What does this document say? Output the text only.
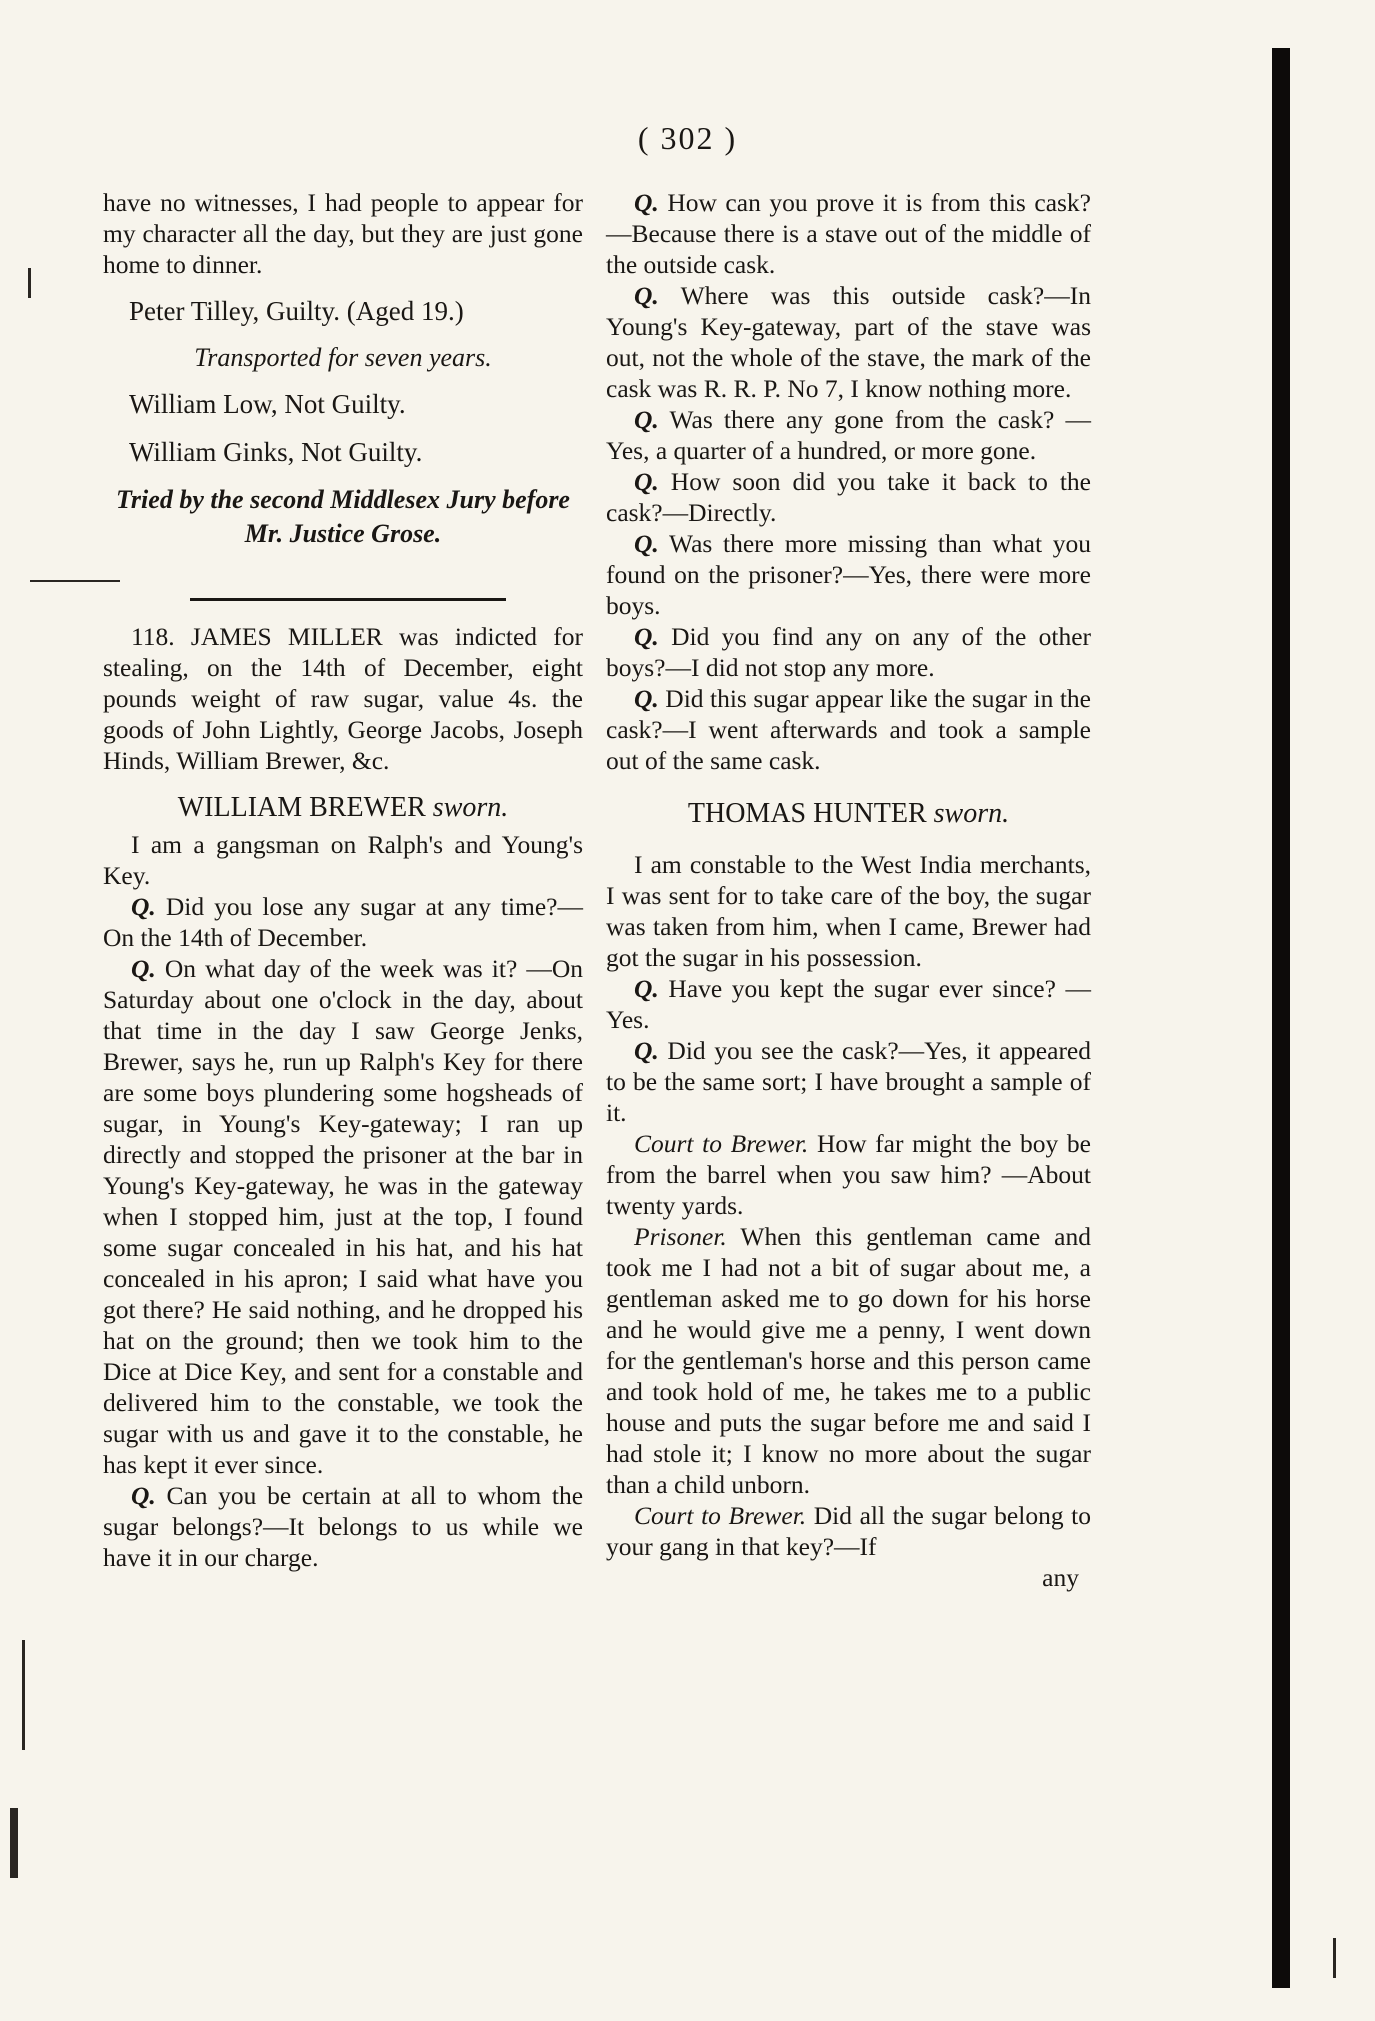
( 302 )

have no witnesses, I had people to appear for my character all the day, but they are just gone home to dinner.

Peter Tilley, Guilty. (Aged 19.)
Transported for seven years.
William Low, Not Guilty.
William Ginks, Not Guilty.
Tried by the second Middlesex Jury before
Mr. Justice Grose.

118. JAMES MILLER was indicted for stealing, on the 14th of December, eight pounds weight of raw sugar, value 4s. the goods of John Lightly, George Jacobs, Joseph Hinds, William Brewer, &c.

WILLIAM BREWER sworn.

I am a gangsman on Ralph's and Young's Key.

Q. Did you lose any sugar at any time?—On the 14th of December.

Q. On what day of the week was it? —On Saturday about one o'clock in the day, about that time in the day I saw George Jenks, Brewer, says he, run up Ralph's Key for there are some boys plundering some hogsheads of sugar, in Young's Key-gateway; I ran up directly and stopped the prisoner at the bar in Young's Key-gateway, he was in the gateway when I stopped him, just at the top, I found some sugar concealed in his hat, and his hat concealed in his apron; I said what have you got there? He said nothing, and he dropped his hat on the ground; then we took him to the Dice at Dice Key, and sent for a constable and delivered him to the constable, we took the sugar with us and gave it to the constable, he has kept it ever since.

Q. Can you be certain at all to whom the sugar belongs?—It belongs to us while we have it in our charge.

Q. How can you prove it is from this cask?—Because there is a stave out of the middle of the outside cask.

Q. Where was this outside cask?—In Young's Key-gateway, part of the stave was out, not the whole of the stave, the mark of the cask was R. R. P. No 7, I know nothing more.

Q. Was there any gone from the cask? —Yes, a quarter of a hundred, or more gone.

Q. How soon did you take it back to the cask?—Directly.

Q. Was there more missing than what you found on the prisoner?—Yes, there were more boys.

Q. Did you find any on any of the other boys?—I did not stop any more.

Q. Did this sugar appear like the sugar in the cask?—I went afterwards and took a sample out of the same cask.

THOMAS HUNTER sworn.

I am constable to the West India merchants, I was sent for to take care of the boy, the sugar was taken from him, when I came, Brewer had got the sugar in his possession.

Q. Have you kept the sugar ever since? —Yes.

Q. Did you see the cask?—Yes, it appeared to be the same sort; I have brought a sample of it.

Court to Brewer. How far might the boy be from the barrel when you saw him? —About twenty yards.

Prisoner. When this gentleman came and took me I had not a bit of sugar about me, a gentleman asked me to go down for his horse and he would give me a penny, I went down for the gentleman's horse and this person came and took hold of me, he takes me to a public house and puts the sugar before me and said I had stole it; I know no more about the sugar than a child unborn.

Court to Brewer. Did all the sugar belong to your gang in that key?—If

any
